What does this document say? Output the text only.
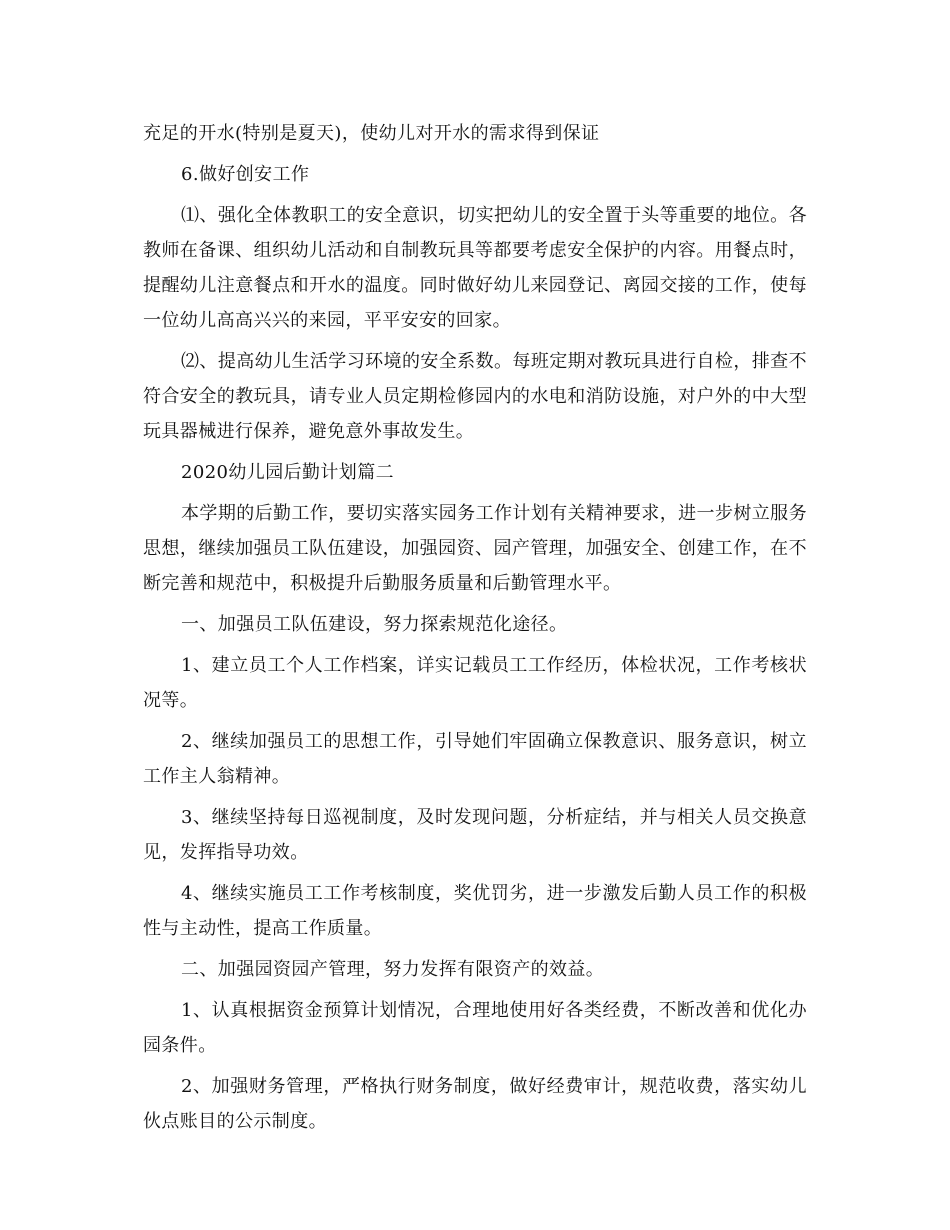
充足的开水(特别是夏天)，使幼儿对开水的需求得到保证

6.做好创安工作

⑴、强化全体教职工的安全意识，切实把幼儿的安全置于头等重要的地位。各教师在备课、组织幼儿活动和自制教玩具等都要考虑安全保护的内容。用餐点时，提醒幼儿注意餐点和开水的温度。同时做好幼儿来园登记、离园交接的工作，使每一位幼儿高高兴兴的来园，平平安安的回家。

⑵、提高幼儿生活学习环境的安全系数。每班定期对教玩具进行自检，排查不符合安全的教玩具，请专业人员定期检修园内的水电和消防设施，对户外的中大型玩具器械进行保养，避免意外事故发生。

2020幼儿园后勤计划篇二

本学期的后勤工作，要切实落实园务工作计划有关精神要求，进一步树立服务思想，继续加强员工队伍建设，加强园资、园产管理，加强安全、创建工作，在不断完善和规范中，积极提升后勤服务质量和后勤管理水平。

一、加强员工队伍建设，努力探索规范化途径。

1、建立员工个人工作档案，详实记载员工工作经历，体检状况，工作考核状况等。

2、继续加强员工的思想工作，引导她们牢固确立保教意识、服务意识，树立工作主人翁精神。

3、继续坚持每日巡视制度，及时发现问题，分析症结，并与相关人员交换意见，发挥指导功效。

4、继续实施员工工作考核制度，奖优罚劣，进一步激发后勤人员工作的积极性与主动性，提高工作质量。

二、加强园资园产管理，努力发挥有限资产的效益。

1、认真根据资金预算计划情况，合理地使用好各类经费，不断改善和优化办园条件。

2、加强财务管理，严格执行财务制度，做好经费审计，规范收费，落实幼儿伙点账目的公示制度。
